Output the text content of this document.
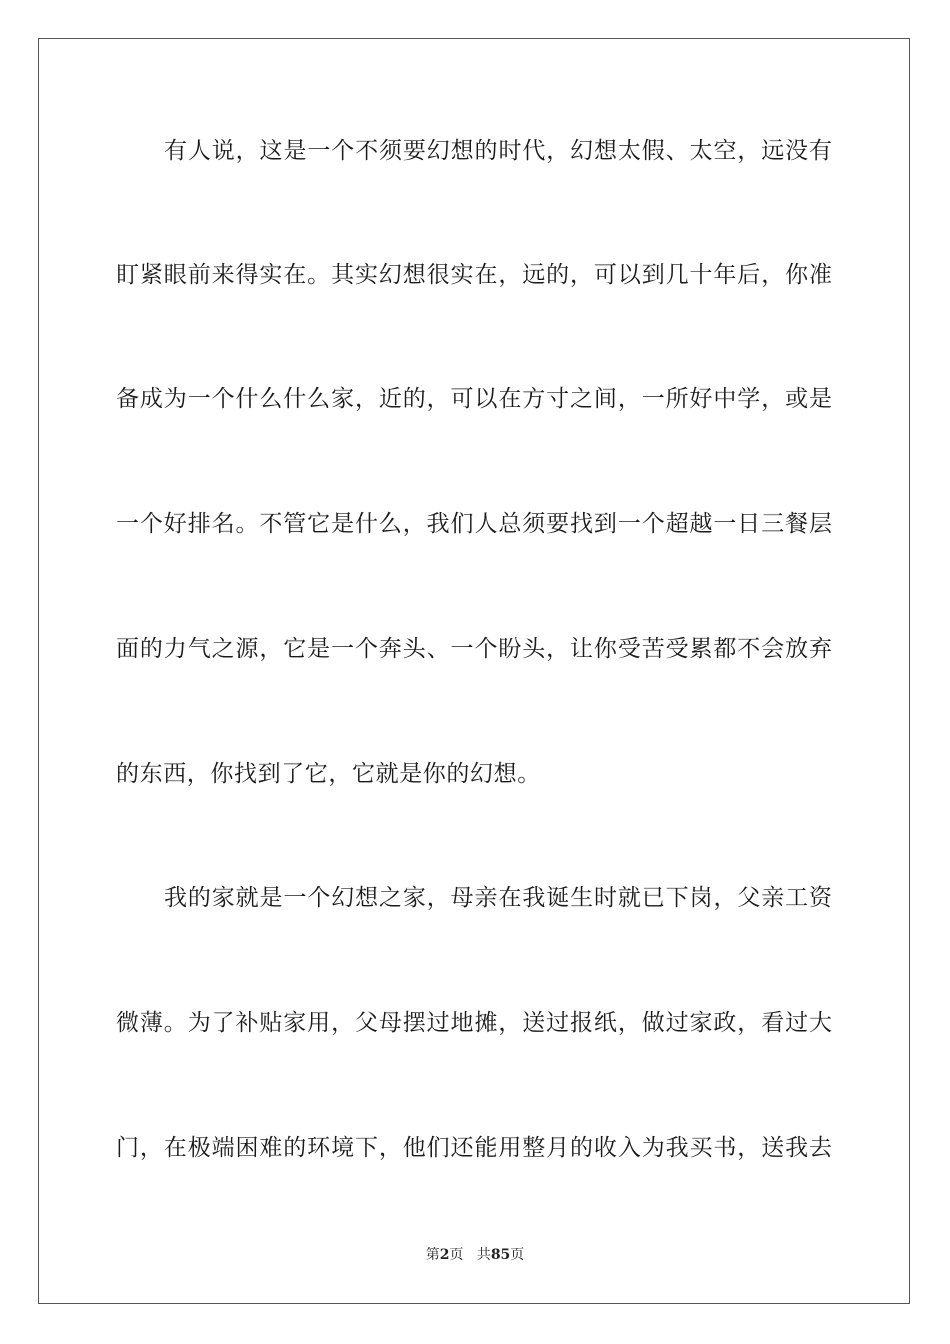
有人说，这是一个不须要幻想的时代，幻想太假、太空，远没有
盯紧眼前来得实在。其实幻想很实在，远的，可以到几十年后，你准
备成为一个什么什么家，近的，可以在方寸之间，一所好中学，或是
一个好排名。不管它是什么，我们人总须要找到一个超越一日三餐层
面的力气之源，它是一个奔头、一个盼头，让你受苦受累都不会放弃
的东西，你找到了它，它就是你的幻想。
我的家就是一个幻想之家，母亲在我诞生时就已下岗，父亲工资
微薄。为了补贴家用，父母摆过地摊，送过报纸，做过家政，看过大
门，在极端困难的环境下，他们还能用整月的收入为我买书，送我去
第2页 共85页
